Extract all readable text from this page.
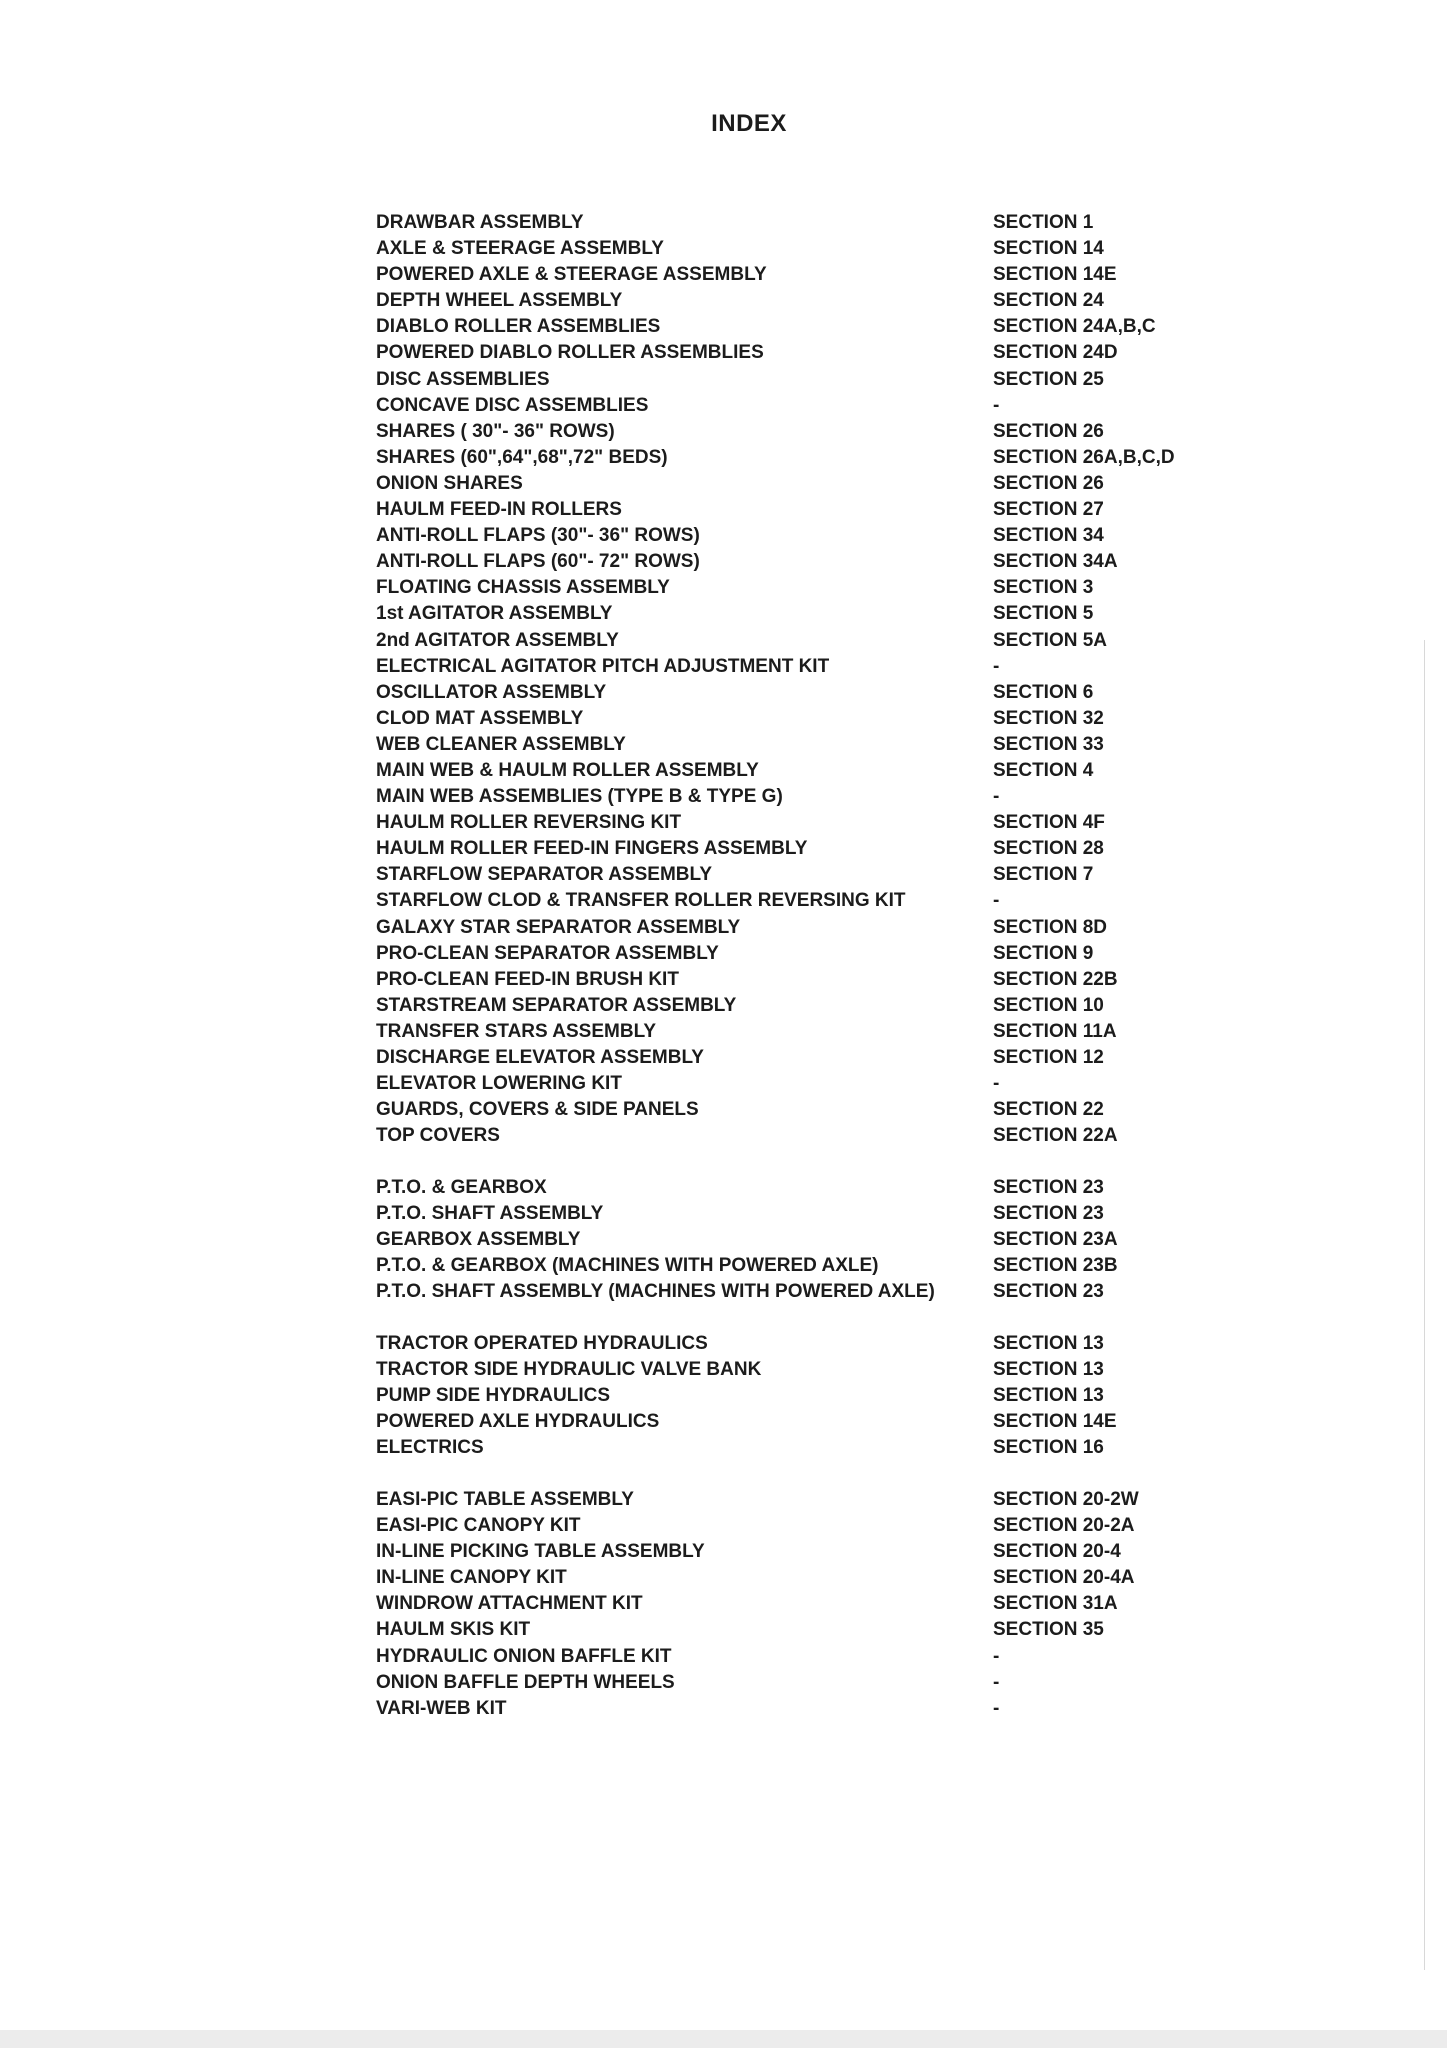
INDEX
DRAWBAR ASSEMBLY	SECTION 1
AXLE & STEERAGE ASSEMBLY	SECTION 14
POWERED AXLE & STEERAGE ASSEMBLY	SECTION 14E
DEPTH WHEEL ASSEMBLY	SECTION 24
DIABLO ROLLER ASSEMBLIES	SECTION 24A,B,C
POWERED DIABLO ROLLER ASSEMBLIES	SECTION 24D
DISC ASSEMBLIES	SECTION 25
CONCAVE DISC ASSEMBLIES	-
SHARES ( 30"- 36" ROWS)	SECTION 26
SHARES (60",64",68",72" BEDS)	SECTION 26A,B,C,D
ONION SHARES	SECTION 26
HAULM FEED-IN ROLLERS	SECTION 27
ANTI-ROLL FLAPS (30"- 36" ROWS)	SECTION 34
ANTI-ROLL FLAPS (60"- 72" ROWS)	SECTION 34A
FLOATING CHASSIS ASSEMBLY	SECTION 3
1st AGITATOR ASSEMBLY	SECTION 5
2nd AGITATOR ASSEMBLY	SECTION 5A
ELECTRICAL AGITATOR PITCH ADJUSTMENT KIT	-
OSCILLATOR ASSEMBLY	SECTION 6
CLOD MAT ASSEMBLY	SECTION 32
WEB CLEANER ASSEMBLY	SECTION 33
MAIN WEB & HAULM ROLLER ASSEMBLY	SECTION 4
MAIN WEB ASSEMBLIES (TYPE B & TYPE G)	-
HAULM ROLLER REVERSING KIT	SECTION 4F
HAULM ROLLER FEED-IN FINGERS ASSEMBLY	SECTION 28
STARFLOW SEPARATOR ASSEMBLY	SECTION 7
STARFLOW CLOD & TRANSFER ROLLER REVERSING KIT	-
GALAXY STAR SEPARATOR ASSEMBLY	SECTION 8D
PRO-CLEAN SEPARATOR ASSEMBLY	SECTION 9
PRO-CLEAN FEED-IN BRUSH KIT	SECTION 22B
STARSTREAM SEPARATOR ASSEMBLY	SECTION 10
TRANSFER STARS ASSEMBLY	SECTION 11A
DISCHARGE ELEVATOR ASSEMBLY	SECTION 12
ELEVATOR LOWERING KIT	-
GUARDS, COVERS & SIDE PANELS	SECTION 22
TOP COVERS	SECTION 22A
P.T.O. & GEARBOX	SECTION 23
P.T.O. SHAFT ASSEMBLY	SECTION 23
GEARBOX ASSEMBLY	SECTION 23A
P.T.O. & GEARBOX (MACHINES WITH POWERED AXLE)	SECTION 23B
P.T.O. SHAFT ASSEMBLY (MACHINES WITH POWERED AXLE)	SECTION 23
TRACTOR OPERATED HYDRAULICS	SECTION 13
TRACTOR SIDE HYDRAULIC VALVE BANK	SECTION 13
PUMP SIDE HYDRAULICS	SECTION 13
POWERED AXLE HYDRAULICS	SECTION 14E
ELECTRICS	SECTION 16
EASI-PIC TABLE ASSEMBLY	SECTION 20-2W
EASI-PIC CANOPY KIT	SECTION 20-2A
IN-LINE PICKING TABLE ASSEMBLY	SECTION 20-4
IN-LINE CANOPY KIT	SECTION 20-4A
WINDROW ATTACHMENT KIT	SECTION 31A
HAULM SKIS KIT	SECTION 35
HYDRAULIC ONION BAFFLE KIT	-
ONION BAFFLE DEPTH WHEELS	-
VARI-WEB KIT	-
